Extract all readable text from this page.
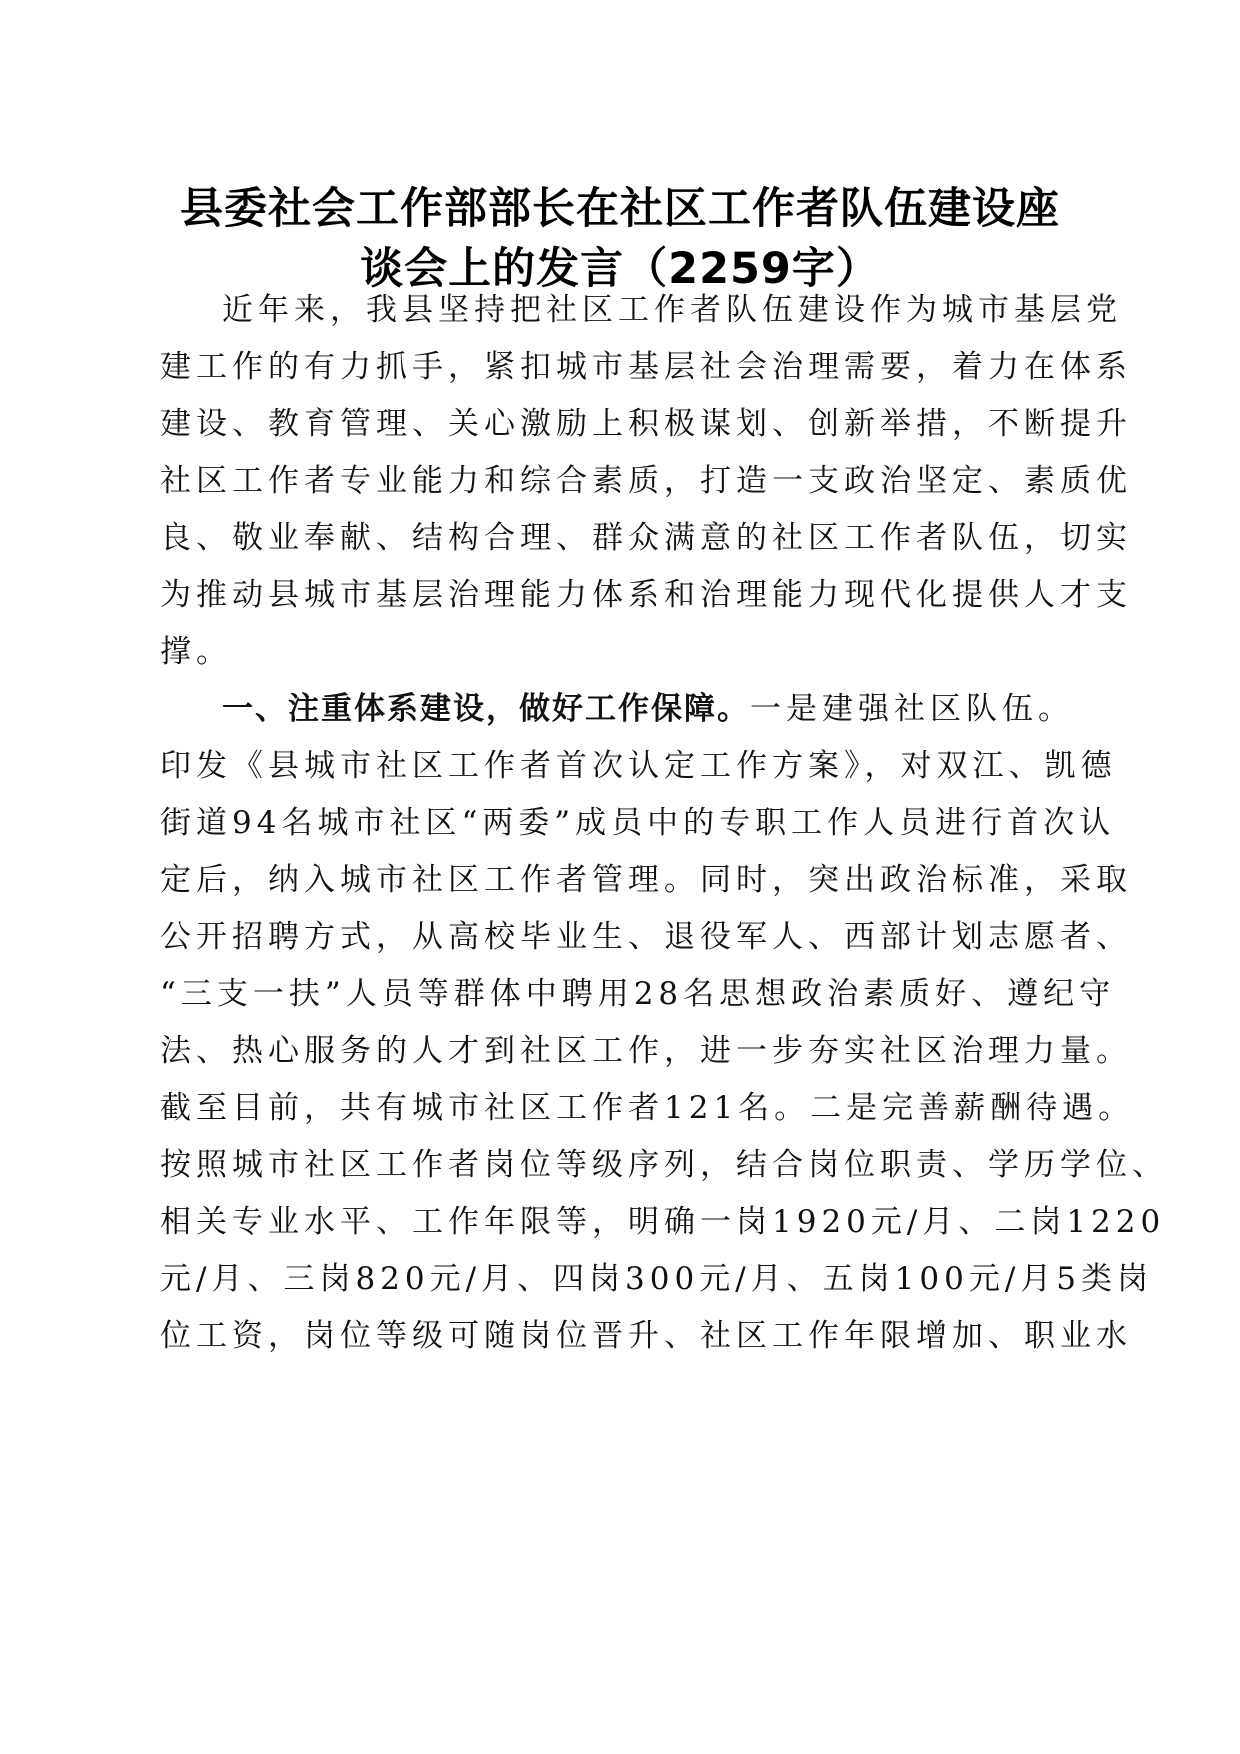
县委社会工作部部长在社区工作者队伍建设座
谈会上的发言（2259字）
近年来，我县坚持把社区工作者队伍建设作为城市基层党
建工作的有力抓手，紧扣城市基层社会治理需要，着力在体系
建设、教育管理、关心激励上积极谋划、创新举措，不断提升
社区工作者专业能力和综合素质，打造一支政治坚定、素质优
良、敬业奉献、结构合理、群众满意的社区工作者队伍，切实
为推动县城市基层治理能力体系和治理能力现代化提供人才支
撑。
一、注重体系建设，做好工作保障。一是建强社区队伍。
印发《县城市社区工作者首次认定工作方案》，对双江、凯德
街道94名城市社区“两委”成员中的专职工作人员进行首次认
定后，纳入城市社区工作者管理。同时，突出政治标准，采取
公开招聘方式，从高校毕业生、退役军人、西部计划志愿者、
“三支一扶”人员等群体中聘用28名思想政治素质好、遵纪守
法、热心服务的人才到社区工作，进一步夯实社区治理力量。
截至目前，共有城市社区工作者121名。二是完善薪酬待遇。
按照城市社区工作者岗位等级序列，结合岗位职责、学历学位、
相关专业水平、工作年限等，明确一岗1920元/月、二岗1220
元/月、三岗820元/月、四岗300元/月、五岗100元/月5类岗
位工资，岗位等级可随岗位晋升、社区工作年限增加、职业水
